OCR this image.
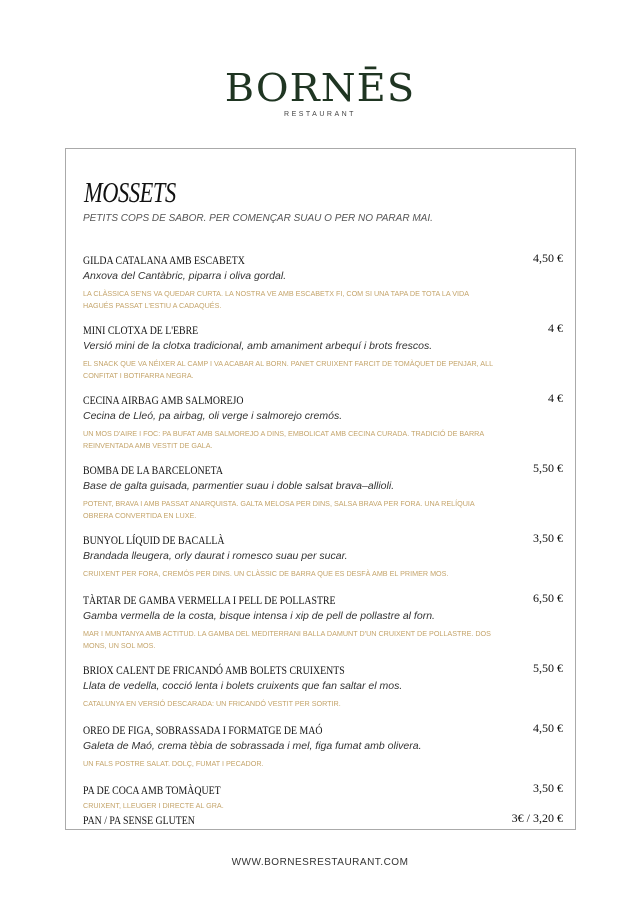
BORNĒS
RESTAURANT
MOSSETS
PETITS COPS DE SABOR. PER COMENÇAR SUAU O PER NO PARAR MAI.
GILDA CATALANA AMB ESCABETX	4,50 €
Anxova del Cantàbric, piparra i oliva gordal.
LA CLÀSSICA SE'NS VA QUEDAR CURTA. LA NOSTRA VE AMB ESCABETX FI, COM SI UNA TAPA DE TOTA LA VIDA HAGUÉS PASSAT L'ESTIU A CADAQUÉS.
MINI CLOTXA DE L'EBRE	4 €
Versió mini de la clotxa tradicional, amb amaniment arbequí i brots frescos.
EL SNACK QUE VA NÉIXER AL CAMP I VA ACABAR AL BORN. PANET CRUIXENT FARCIT DE TOMÀQUET DE PENJAR, ALL CONFITAT I BOTIFARRA NEGRA.
CECINA AIRBAG AMB SALMOREJO	4 €
Cecina de Lleó, pa airbag, oli verge i salmorejo cremós.
UN MOS D'AIRE I FOC: PA BUFAT AMB SALMOREJO A DINS, EMBOLICAT AMB CECINA CURADA. TRADICIÓ DE BARRA REINVENTADA AMB VESTIT DE GALA.
BOMBA DE LA BARCELONETA	5,50 €
Base de galta guisada, parmentier suau i doble salsat brava–allioli.
POTENT, BRAVA I AMB PASSAT ANARQUISTA. GALTA MELOSA PER DINS, SALSA BRAVA PER FORA. UNA RELÍQUIA OBRERA CONVERTIDA EN LUXE.
BUNYOL LÍQUID DE BACALLÀ	3,50 €
Brandada lleugera, orly daurat i romesco suau per sucar.
CRUIXENT PER FORA, CREMÓS PER DINS. UN CLÀSSIC DE BARRA QUE ES DESFÀ AMB EL PRIMER MOS.
TÀRTAR DE GAMBA VERMELLA I PELL DE POLLASTRE	6,50 €
Gamba vermella de la costa, bisque intensa i xip de pell de pollastre al forn.
MAR I MUNTANYA AMB ACTITUD. LA GAMBA DEL MEDITERRANI BALLA DAMUNT D'UN CRUIXENT DE POLLASTRE. DOS MONS, UN SOL MOS.
BRIOX CALENT DE FRICANDÓ AMB BOLETS CRUIXENTS	5,50 €
Llata de vedella, cocció lenta i bolets cruixents que fan saltar el mos.
CATALUNYA EN VERSIÓ DESCARADA: UN FRICANDÓ VESTIT PER SORTIR.
OREO DE FIGA, SOBRASSADA I FORMATGE DE MAÓ	4,50 €
Galeta de Maó, crema tèbia de sobrassada i mel, figa fumat amb olivera.
UN FALS POSTRE SALAT. DOLÇ, FUMAT I PECADOR.
PA DE COCA AMB TOMÀQUET	3,50 €
CRUIXENT, LLEUGER I DIRECTE AL GRA.
PAN / PA SENSE GLUTEN	3€ / 3,20 €
WWW.BORNESRESTAURANT.COM
